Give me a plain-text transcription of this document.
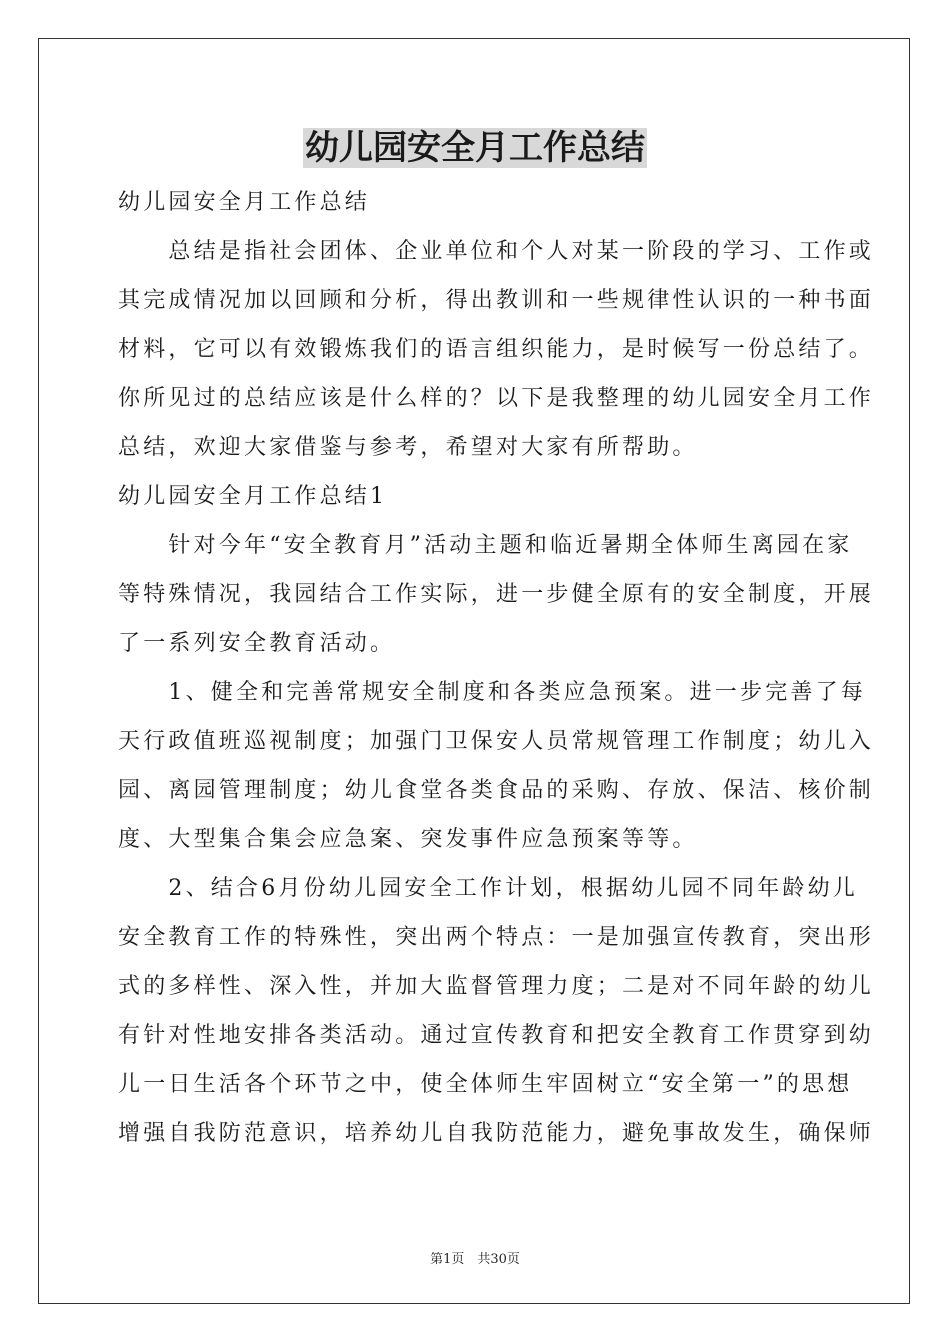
幼儿园安全月工作总结
幼儿园安全月工作总结
　　总结是指社会团体、企业单位和个人对某一阶段的学习、工作或
其完成情况加以回顾和分析，得出教训和一些规律性认识的一种书面
材料，它可以有效锻炼我们的语言组织能力，是时候写一份总结了。
你所见过的总结应该是什么样的？以下是我整理的幼儿园安全月工作
总结，欢迎大家借鉴与参考，希望对大家有所帮助。
幼儿园安全月工作总结1
　　针对今年“安全教育月”活动主题和临近暑期全体师生离园在家
等特殊情况，我园结合工作实际，进一步健全原有的安全制度，开展
了一系列安全教育活动。
　　1、健全和完善常规安全制度和各类应急预案。进一步完善了每
天行政值班巡视制度；加强门卫保安人员常规管理工作制度；幼儿入
园、离园管理制度；幼儿食堂各类食品的采购、存放、保洁、核价制
度、大型集合集会应急案、突发事件应急预案等等。
　　2、结合6月份幼儿园安全工作计划，根据幼儿园不同年龄幼儿
安全教育工作的特殊性，突出两个特点：一是加强宣传教育，突出形
式的多样性、深入性，并加大监督管理力度；二是对不同年龄的幼儿
有针对性地安排各类活动。通过宣传教育和把安全教育工作贯穿到幼
儿一日生活各个环节之中，使全体师生牢固树立“安全第一”的思想
增强自我防范意识，培养幼儿自我防范能力，避免事故发生，确保师
第1页　共30页
